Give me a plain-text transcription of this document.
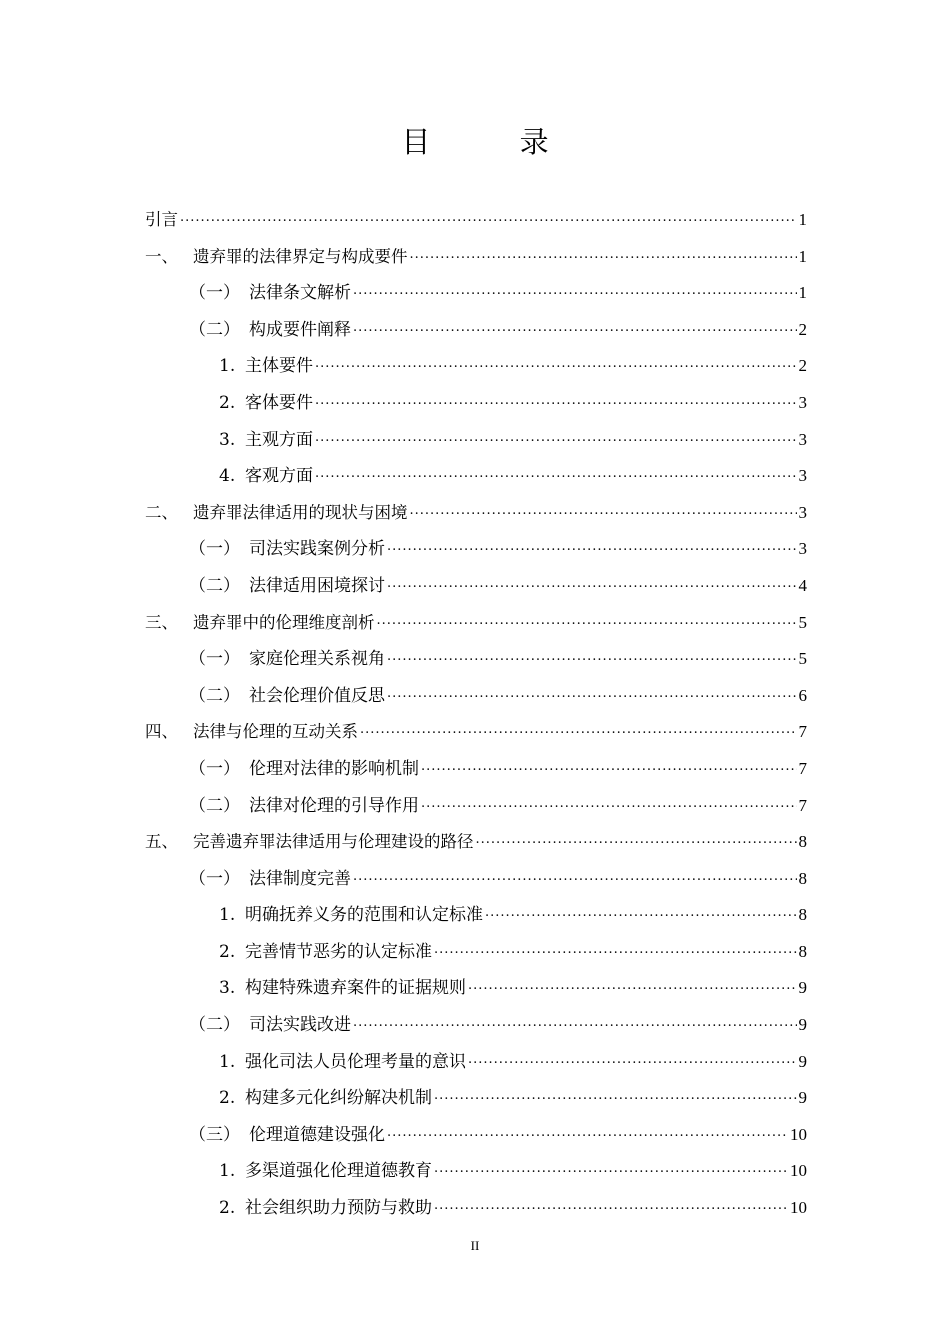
目 录
引言 .....	1
一、 遗弃罪的法律界定与构成要件 .....	1
（一） 法律条文解析 .....	1
（二） 构成要件阐释 .....	2
1. 主体要件 .....	2
2. 客体要件 .....	3
3. 主观方面 .....	3
4. 客观方面 .....	3
二、 遗弃罪法律适用的现状与困境 .....	3
（一） 司法实践案例分析 .....	3
（二） 法律适用困境探讨 .....	4
三、 遗弃罪中的伦理维度剖析 .....	5
（一） 家庭伦理关系视角 .....	5
（二） 社会伦理价值反思 .....	6
四、 法律与伦理的互动关系 .....	7
（一） 伦理对法律的影响机制 .....	7
（二） 法律对伦理的引导作用 .....	7
五、 完善遗弃罪法律适用与伦理建设的路径 .....	8
（一） 法律制度完善 .....	8
1. 明确抚养义务的范围和认定标准 .....	8
2. 完善情节恶劣的认定标准 .....	8
3. 构建特殊遗弃案件的证据规则 .....	9
（二） 司法实践改进 .....	9
1. 强化司法人员伦理考量的意识 .....	9
2. 构建多元化纠纷解决机制 .....	9
（三） 伦理道德建设强化 .....	10
1. 多渠道强化伦理道德教育 .....	10
2. 社会组织助力预防与救助 .....	10
II
